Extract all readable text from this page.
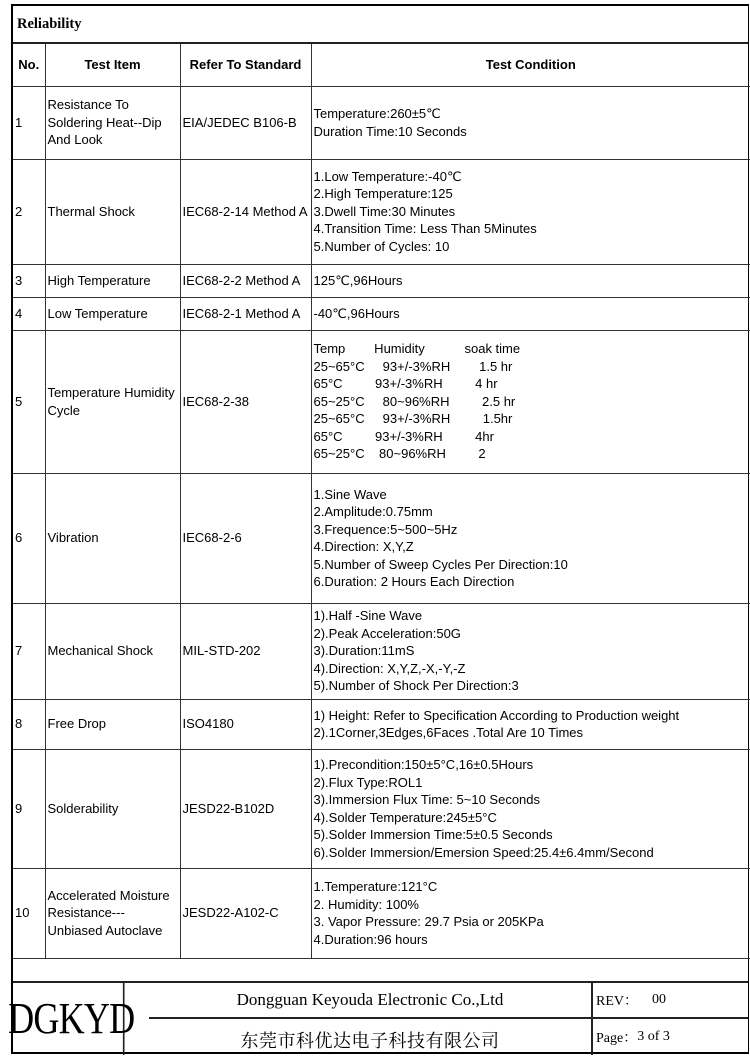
Reliability
No.	Test Item	Refer To Standard	Test Condition
1	Resistance To Soldering Heat--Dip And Look	EIA/JEDEC B106-B	Temperature:260±5℃
Duration Time:10 Seconds

2	Thermal Shock	IEC68-2-14 Method A	1.Low Temperature:-40℃
2.High Temperature:125
3.Dwell Time:30 Minutes
4.Transition Time: Less Than 5Minutes
5.Number of Cycles: 10

3	High Temperature	IEC68-2-2 Method A	125℃,96Hours

4	Low Temperature	IEC68-2-1 Method A	-40℃,96Hours

5	Temperature Humidity Cycle	IEC68-2-38	
Temp        Humidity           soak time
25~65°C     93+/-3%RH        1.5 hr
65°C         93+/-3%RH         4 hr
65~25°C     80~96%RH         2.5 hr
25~65°C     93+/-3%RH         1.5hr
65°C         93+/-3%RH         4hr
65~25°C    80~96%RH         2

6	Vibration	IEC68-2-6	
1.Sine Wave
2.Amplitude:0.75mm
3.Frequence:5~500~5Hz
4.Direction: X,Y,Z
5.Number of Sweep Cycles Per Direction:10
6.Duration: 2 Hours Each Direction

7	Mechanical Shock	MIL-STD-202	1).Half -Sine Wave
2).Peak Acceleration:50G
3).Duration:11mS
4).Direction: X,Y,Z,-X,-Y,-Z
5).Number of Shock Per Direction:3

8	Free Drop	ISO4180	1) Height: Refer to Specification According to Production weight
2).1Corner,3Edges,6Faces .Total Are 10 Times

9	Solderability	JESD22-B102D	
1).Precondition:150±5°C,16±0.5Hours
2).Flux Type:ROL1
3).Immersion Flux Time: 5~10 Seconds
4).Solder Temperature:245±5°C
5).Solder Immersion Time:5±0.5 Seconds
6).Solder Immersion/Emersion Speed:25.4±6.4mm/Second

10	Accelerated Moisture Resistance---Unbiased Autoclave	JESD22-A102-C	1.Temperature:121°C
2. Humidity: 100%
3. Vapor Pressure: 29.7 Psia or 205KPa
4.Duration:96 hours
DGKYD	Dongguan Keyouda Electronic Co.,Ltd
东莞市科优达电子科技有限公司
REV： 00
Page： 3 of 3
